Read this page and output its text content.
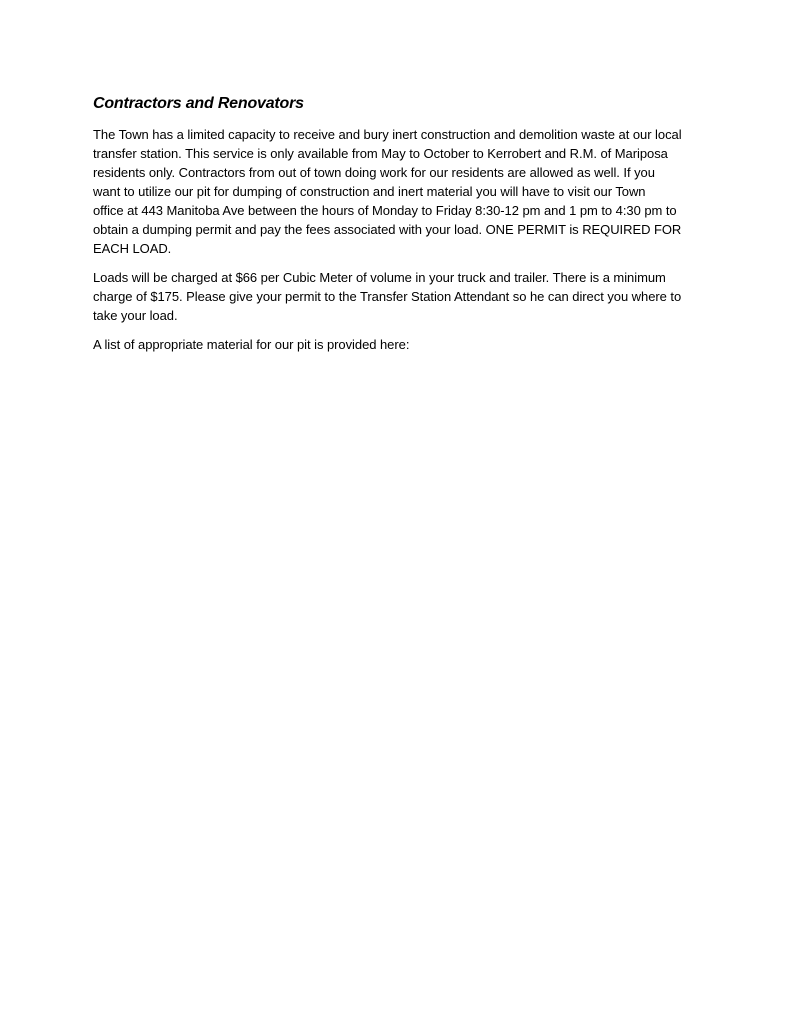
Contractors and Renovators

The Town has a limited capacity to receive and bury inert construction and demolition waste at our local
transfer station. This service is only available from May to October to Kerrobert and R.M. of Mariposa
residents only. Contractors from out of town doing work for our residents are allowed as well. If you
want to utilize our pit for dumping of construction and inert material you will have to visit our Town
office at 443 Manitoba Ave between the hours of Monday to Friday 8:30-12 pm and 1 pm to 4:30 pm to
obtain a dumping permit and pay the fees associated with your load. ONE PERMIT is REQUIRED FOR
EACH LOAD.

Loads will be charged at $66 per Cubic Meter of volume in your truck and trailer. There is a minimum
charge of $175. Please give your permit to the Transfer Station Attendant so he can direct you where to
take your load.

A list of appropriate material for our pit is provided here:
